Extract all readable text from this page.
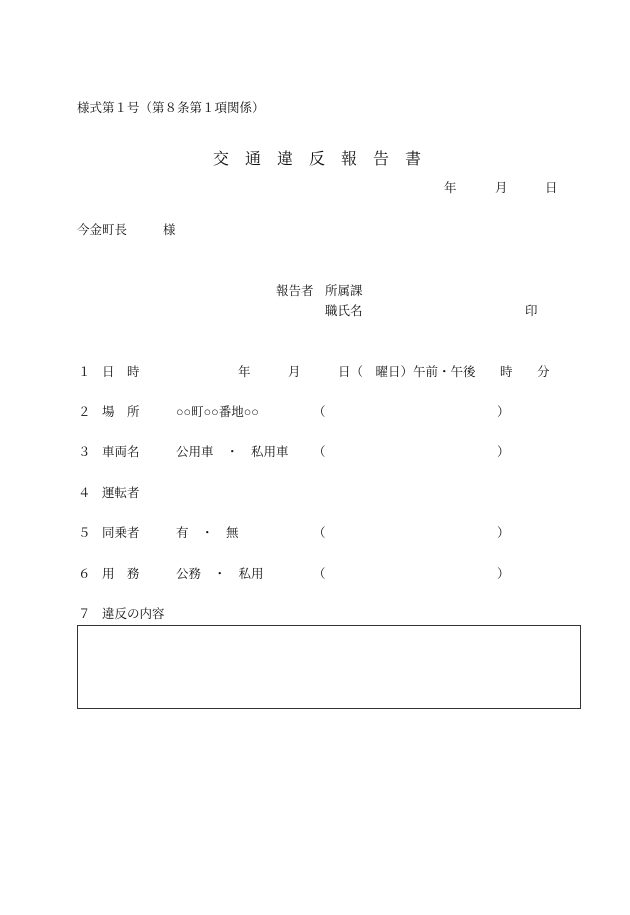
様式第１号（第８条第１項関係）
交　通　違　反　報　告　書
年	月	日
今金町長	様
報告者 所属課
職氏名	印
１ 日　時	年	月	日（　曜日）午前・午後 時 分
２ 場　所	○○町○○番地○○	（	）
３ 車両名	公用車　・　私用車 （	）
４ 運転者
５ 同乗者	有　・　無	（	）
６ 用　務	公務　・　私用	（	）
７ 違反の内容
